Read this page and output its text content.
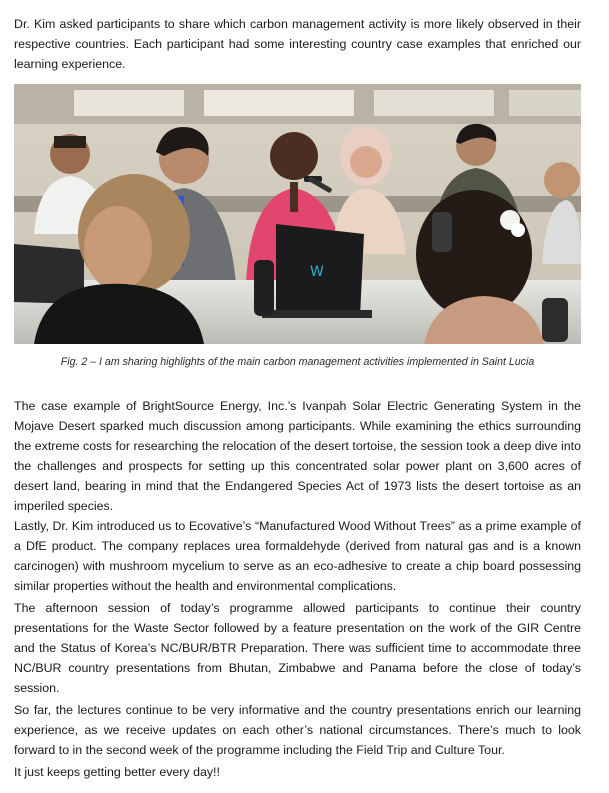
Dr. Kim asked participants to share which carbon management activity is more likely observed in their respective countries. Each participant had some interesting country case examples that enriched our learning experience.

W

Fig. 2 – I am sharing highlights of the main carbon management activities implemented in Saint Lucia

The case example of BrightSource Energy, Inc.’s Ivanpah Solar Electric Generating System in the Mojave Desert sparked much discussion among participants. While examining the ethics surrounding the extreme costs for researching the relocation of the desert tortoise, the session took a deep dive into the challenges and prospects for setting up this concentrated solar power plant on 3,600 acres of desert land, bearing in mind that the Endangered Species Act of 1973 lists the desert tortoise as an imperiled species.

Lastly, Dr. Kim introduced us to Ecovative’s “Manufactured Wood Without Trees” as a prime example of a DfE product. The company replaces urea formaldehyde (derived from natural gas and is a known carcinogen) with mushroom mycelium to serve as an eco-adhesive to create a chip board possessing similar properties without the health and environmental complications.

The afternoon session of today’s programme allowed participants to continue their country presentations for the Waste Sector followed by a feature presentation on the work of the GIR Centre and the Status of Korea’s NC/BUR/BTR Preparation. There was sufficient time to accommodate three NC/BUR country presentations from Bhutan, Zimbabwe and Panama before the close of today’s session.

So far, the lectures continue to be very informative and the country presentations enrich our learning experience, as we receive updates on each other’s national circumstances. There’s much to look forward to in the second week of the programme including the Field Trip and Culture Tour.

It just keeps getting better every day!!
